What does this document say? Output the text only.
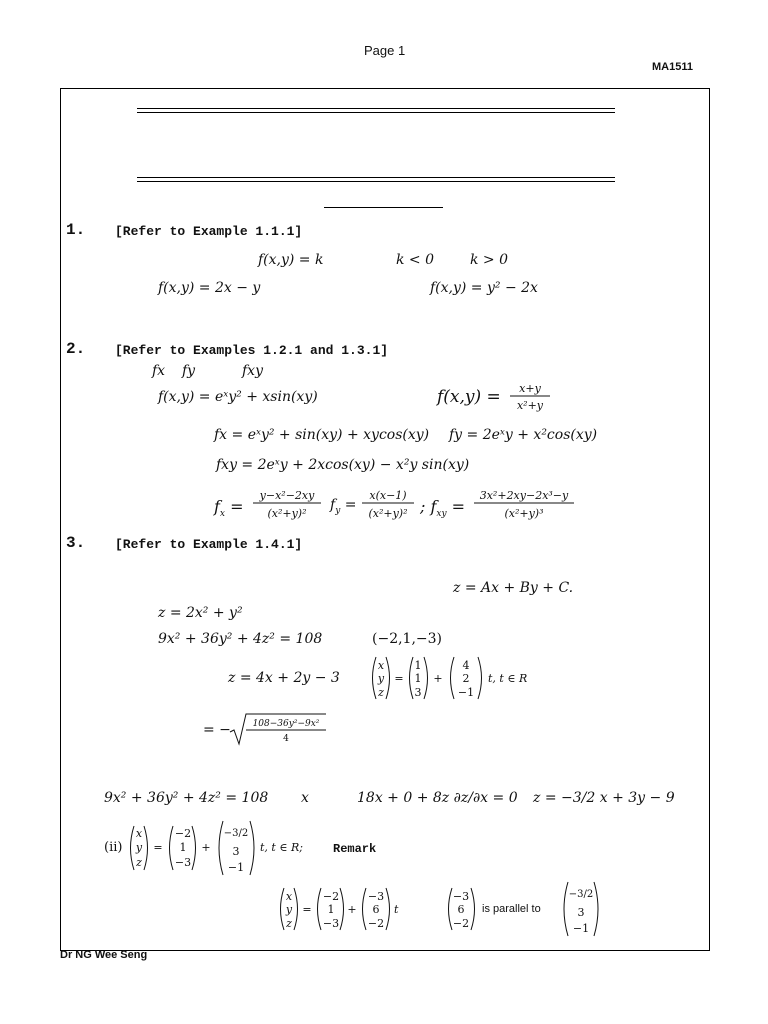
Page 1
MA1511
1. [Refer to Example 1.1.1]
f(x,y) = k	k < 0	k > 0
f(x,y) = 2x − y	f(x,y) = y² − 2x
2. [Refer to Examples 1.2.1 and 1.3.1]
fx fy	fxy
f(x,y) = eˣy² + xsin(xy)	f(x,y) = x+y
x²+y
fx = eˣy² + sin(xy) + xycos(xy) fy = 2eˣy + x²cos(xy)
fxy = 2eˣy + 2xcos(xy) − x²y sin(xy)
$f_x$ =
y−x²−2xy
(x²+y)²
$f_y$ =
x(x−1)
(x²+y)² ; $f_{xy}$ =
3x²+2xy−2x³−y
(x²+y)³
3. [Refer to Example 1.4.1]
z = Ax + By + C.
z = 2x² + y²
9x² + 36y² + 4z² = 108	(−2,1,−3)
z = 4x + 2y − 3
x
y
z
=
1
1
3
+
4
2
−1
t, t ∈ R
= − 108−36y²−9x²
4
9x² + 36y² + 4z² = 108 x	18x + 0 + 8z ∂z/∂x = 0 z = −3/2 x + 3y − 9
(ii)
x
y
z
=
−2
1
−3
+
−3/2
3
−1
t, t ∈ R;	Remark
x
y
z
=
−2
1
−3
+
−3
6
−2
t
−3
6
−2
is parallel to
−3/2
3
−1
Dr NG Wee Seng
